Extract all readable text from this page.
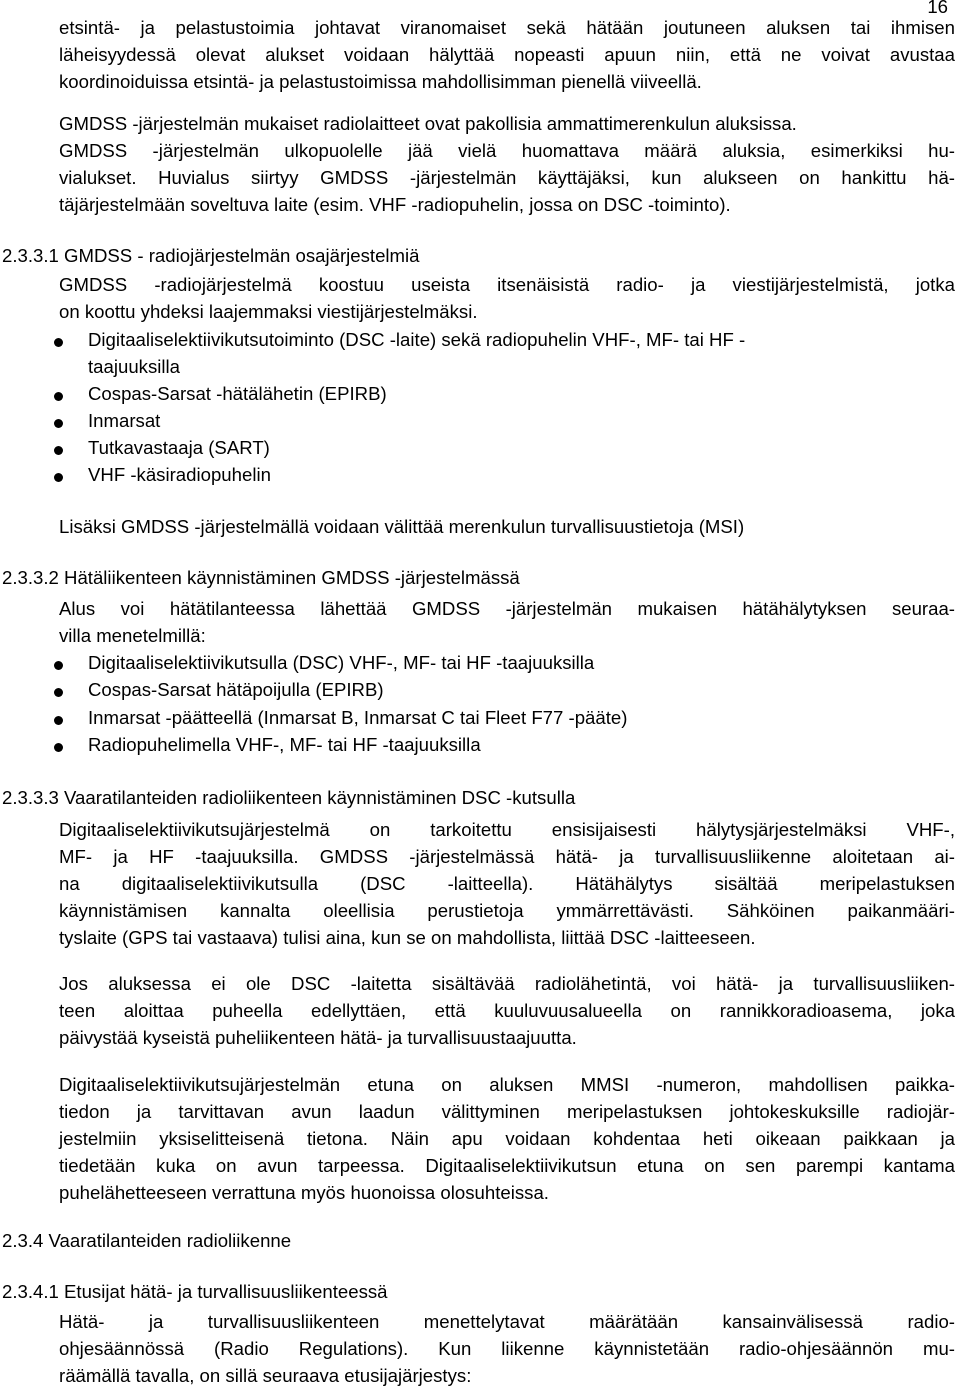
16
etsintä- ja pelastustoimia johtavat viranomaiset sekä hätään joutuneen aluksen tai ihmisen
läheisyydessä olevat alukset voidaan hälyttää nopeasti apuun niin, että ne voivat avustaa
koordinoiduissa etsintä- ja pelastustoimissa mahdollisimman pienellä viiveellä.
GMDSS -järjestelmän mukaiset radiolaitteet ovat pakollisia ammattimerenkulun aluksissa.
GMDSS -järjestelmän ulkopuolelle jää vielä huomattava määrä aluksia, esimerkiksi hu-
vialukset. Huvialus siirtyy GMDSS -järjestelmän käyttäjäksi, kun alukseen on hankittu hä-
täjärjestelmään soveltuva laite (esim. VHF -radiopuhelin, jossa on DSC -toiminto).
2.3.3.1 GMDSS - radiojärjestelmän osajärjestelmiä
GMDSS -radiojärjestelmä koostuu useista itsenäisistä radio- ja viestijärjestelmistä, jotka
on koottu yhdeksi laajemmaksi viestijärjestelmäksi.
Digitaaliselektiivikutsutoiminto (DSC -laite) sekä radiopuhelin VHF-, MF- tai HF -
taajuuksilla
Cospas-Sarsat -hätälähetin (EPIRB)
Inmarsat
Tutkavastaaja (SART)
VHF -käsiradiopuhelin
Lisäksi GMDSS -järjestelmällä voidaan välittää merenkulun turvallisuustietoja (MSI)
2.3.3.2 Hätäliikenteen käynnistäminen GMDSS -järjestelmässä
Alus voi hätätilanteessa lähettää GMDSS -järjestelmän mukaisen hätähälytyksen seuraa-
villa menetelmillä:
Digitaaliselektiivikutsulla (DSC) VHF-, MF- tai HF -taajuuksilla
Cospas-Sarsat hätäpoijulla (EPIRB)
Inmarsat -päätteellä (Inmarsat B, Inmarsat C tai Fleet F77 -pääte)
Radiopuhelimella VHF-, MF- tai HF -taajuuksilla
2.3.3.3 Vaaratilanteiden radioliikenteen käynnistäminen DSC -kutsulla
Digitaaliselektiivikutsujärjestelmä on tarkoitettu ensisijaisesti hälytysjärjestelmäksi VHF-,
MF- ja HF -taajuuksilla. GMDSS -järjestelmässä hätä- ja turvallisuusliikenne aloitetaan ai-
na digitaaliselektiivikutsulla (DSC -laitteella). Hätähälytys sisältää meripelastuksen
käynnistämisen kannalta oleellisia perustietoja ymmärrettävästi. Sähköinen paikanmääri-
tyslaite (GPS tai vastaava) tulisi aina, kun se on mahdollista, liittää DSC -laitteeseen.
Jos aluksessa ei ole DSC -laitetta sisältävää radiolähetintä, voi hätä- ja turvallisuusliiken-
teen aloittaa puheella edellyttäen, että kuuluvuusalueella on rannikkoradioasema, joka
päivystää kyseistä puheliikenteen hätä- ja turvallisuustaajuutta.
Digitaaliselektiivikutsujärjestelmän etuna on aluksen MMSI -numeron, mahdollisen paikka-
tiedon ja tarvittavan avun laadun välittyminen meripelastuksen johtokeskuksille radiojär-
jestelmiin yksiselitteisenä tietona. Näin apu voidaan kohdentaa heti oikeaan paikkaan ja
tiedetään kuka on avun tarpeessa. Digitaaliselektiivikutsun etuna on sen parempi kantama
puhelähetteeseen verrattuna myös huonoissa olosuhteissa.
2.3.4 Vaaratilanteiden radioliikenne
2.3.4.1 Etusijat hätä- ja turvallisuusliikenteessä
Hätä- ja turvallisuusliikenteen menettelytavat määrätään kansainvälisessä radio-
ohjesäännössä (Radio Regulations). Kun liikenne käynnistetään radio-ohjesäännön mu-
räämällä tavalla, on sillä seuraava etusijajärjestys:
